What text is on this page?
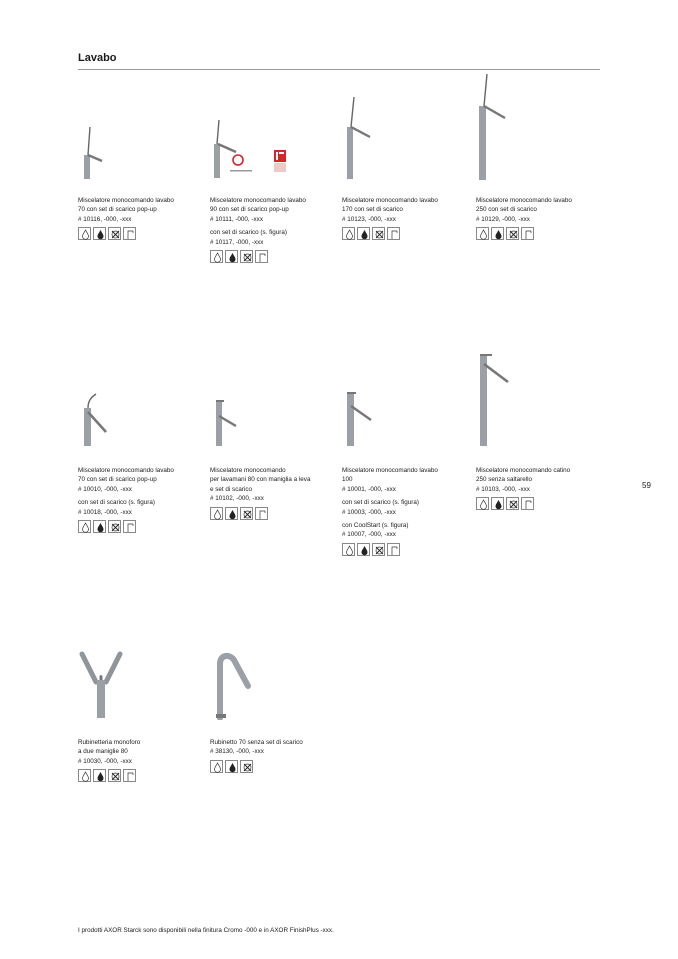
Lavabo
Miscelatore monocomando lavabo
70 con set di scarico pop-up
# 10116, -000, -xxx
Miscelatore monocomando lavabo
90 con set di scarico pop-up
# 10111, -000, -xxx
con set di scarico (s. figura)
# 10117, -000, -xxx
Miscelatore monocomando lavabo
170 con set di scarico
# 10123, -000, -xxx
Miscelatore monocomando lavabo
250 con set di scarico
# 10129, -000, -xxx
Miscelatore monocomando lavabo
70 con set di scarico pop-up
# 10010, -000, -xxx
con set di scarico (s. figura)
# 10018, -000, -xxx
Miscelatore monocomando
per lavamani 80 con maniglia a leva
e set di scarico
# 10102, -000, -xxx
Miscelatore monocomando lavabo
100
# 10001, -000, -xxx
con set di scarico (s. figura)
# 10003, -000, -xxx
con CoolStart (s. figura)
# 10007, -000, -xxx
Miscelatore monocomando catino
250 senza saltarello
# 10103, -000, -xxx	59
Rubinetteria monoforo
a due maniglie 80
# 10030, -000, -xxx
Rubinetto 70 senza set di scarico
# 38130, -000, -xxx
I prodotti AXOR Starck sono disponibili nella finitura Cromo -000 e in AXOR FinishPlus -xxx.
